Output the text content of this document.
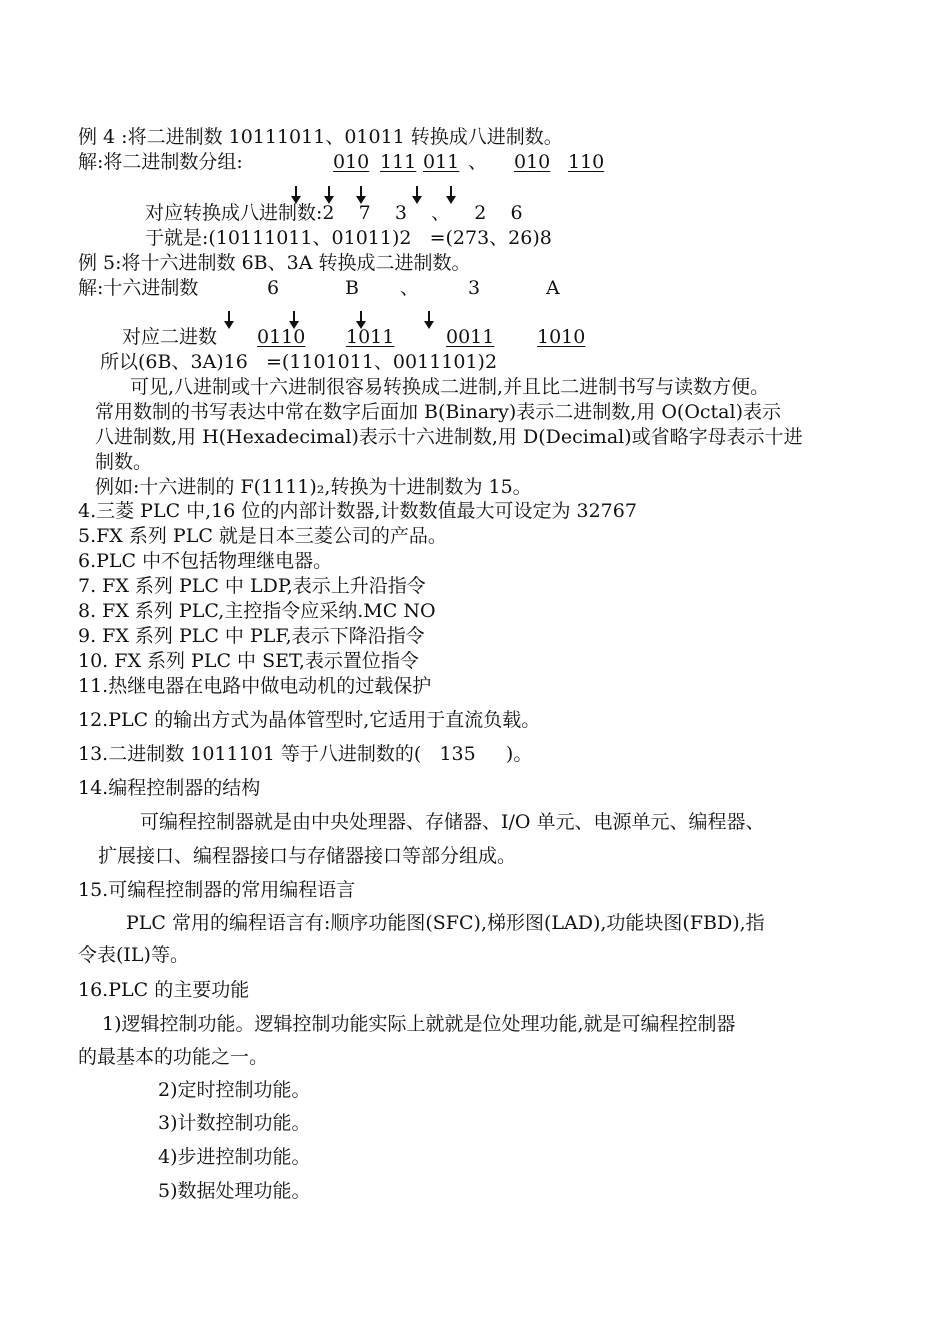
例 4 :将二进制数 10111011、01011 转换成八进制数。
解:将二进制数分组:	010 111 011 、 010 110
对应转换成八进制数:2    7    3    、    2    6
于就是:(10111011、01011)2   =(273、26)8
例 5:将十六进制数 6B、3A 转换成二进制数。
解:十六进制数	6	B 、	3	A
对应二进数 0110 1011	0011 1010
所以(6B、3A)16   =(1101011、0011101)2
可见,八进制或十六进制很容易转换成二进制,并且比二进制书写与读数方便。
常用数制的书写表达中常在数字后面加 B(Binary)表示二进制数,用 O(Octal)表示
八进制数,用 H(Hexadecimal)表示十六进制数,用 D(Decimal)或省略字母表示十进
制数。
例如:十六进制的 F(1111)₂,转换为十进制数为 15。
4.三菱 PLC 中,16 位的内部计数器,计数数值最大可设定为 32767
5.FX 系列 PLC 就是日本三菱公司的产品。
6.PLC 中不包括物理继电器。
7. FX 系列 PLC 中 LDP,表示上升沿指令
8. FX 系列 PLC,主控指令应采纳.MC NO
9. FX 系列 PLC 中 PLF,表示下降沿指令
10. FX 系列 PLC 中 SET,表示置位指令
11.热继电器在电路中做电动机的过载保护
12.PLC 的输出方式为晶体管型时,它适用于直流负载。
13.二进制数 1011101 等于八进制数的(   135     )。
14.编程控制器的结构
可编程控制器就是由中央处理器、存储器、I/O 单元、电源单元、编程器、
扩展接口、编程器接口与存储器接口等部分组成。
15.可编程控制器的常用编程语言
PLC 常用的编程语言有:顺序功能图(SFC),梯形图(LAD),功能块图(FBD),指
令表(IL)等。
16.PLC 的主要功能
1)逻辑控制功能。逻辑控制功能实际上就就是位处理功能,就是可编程控制器
的最基本的功能之一。
2)定时控制功能。
3)计数控制功能。
4)步进控制功能。
5)数据处理功能。
